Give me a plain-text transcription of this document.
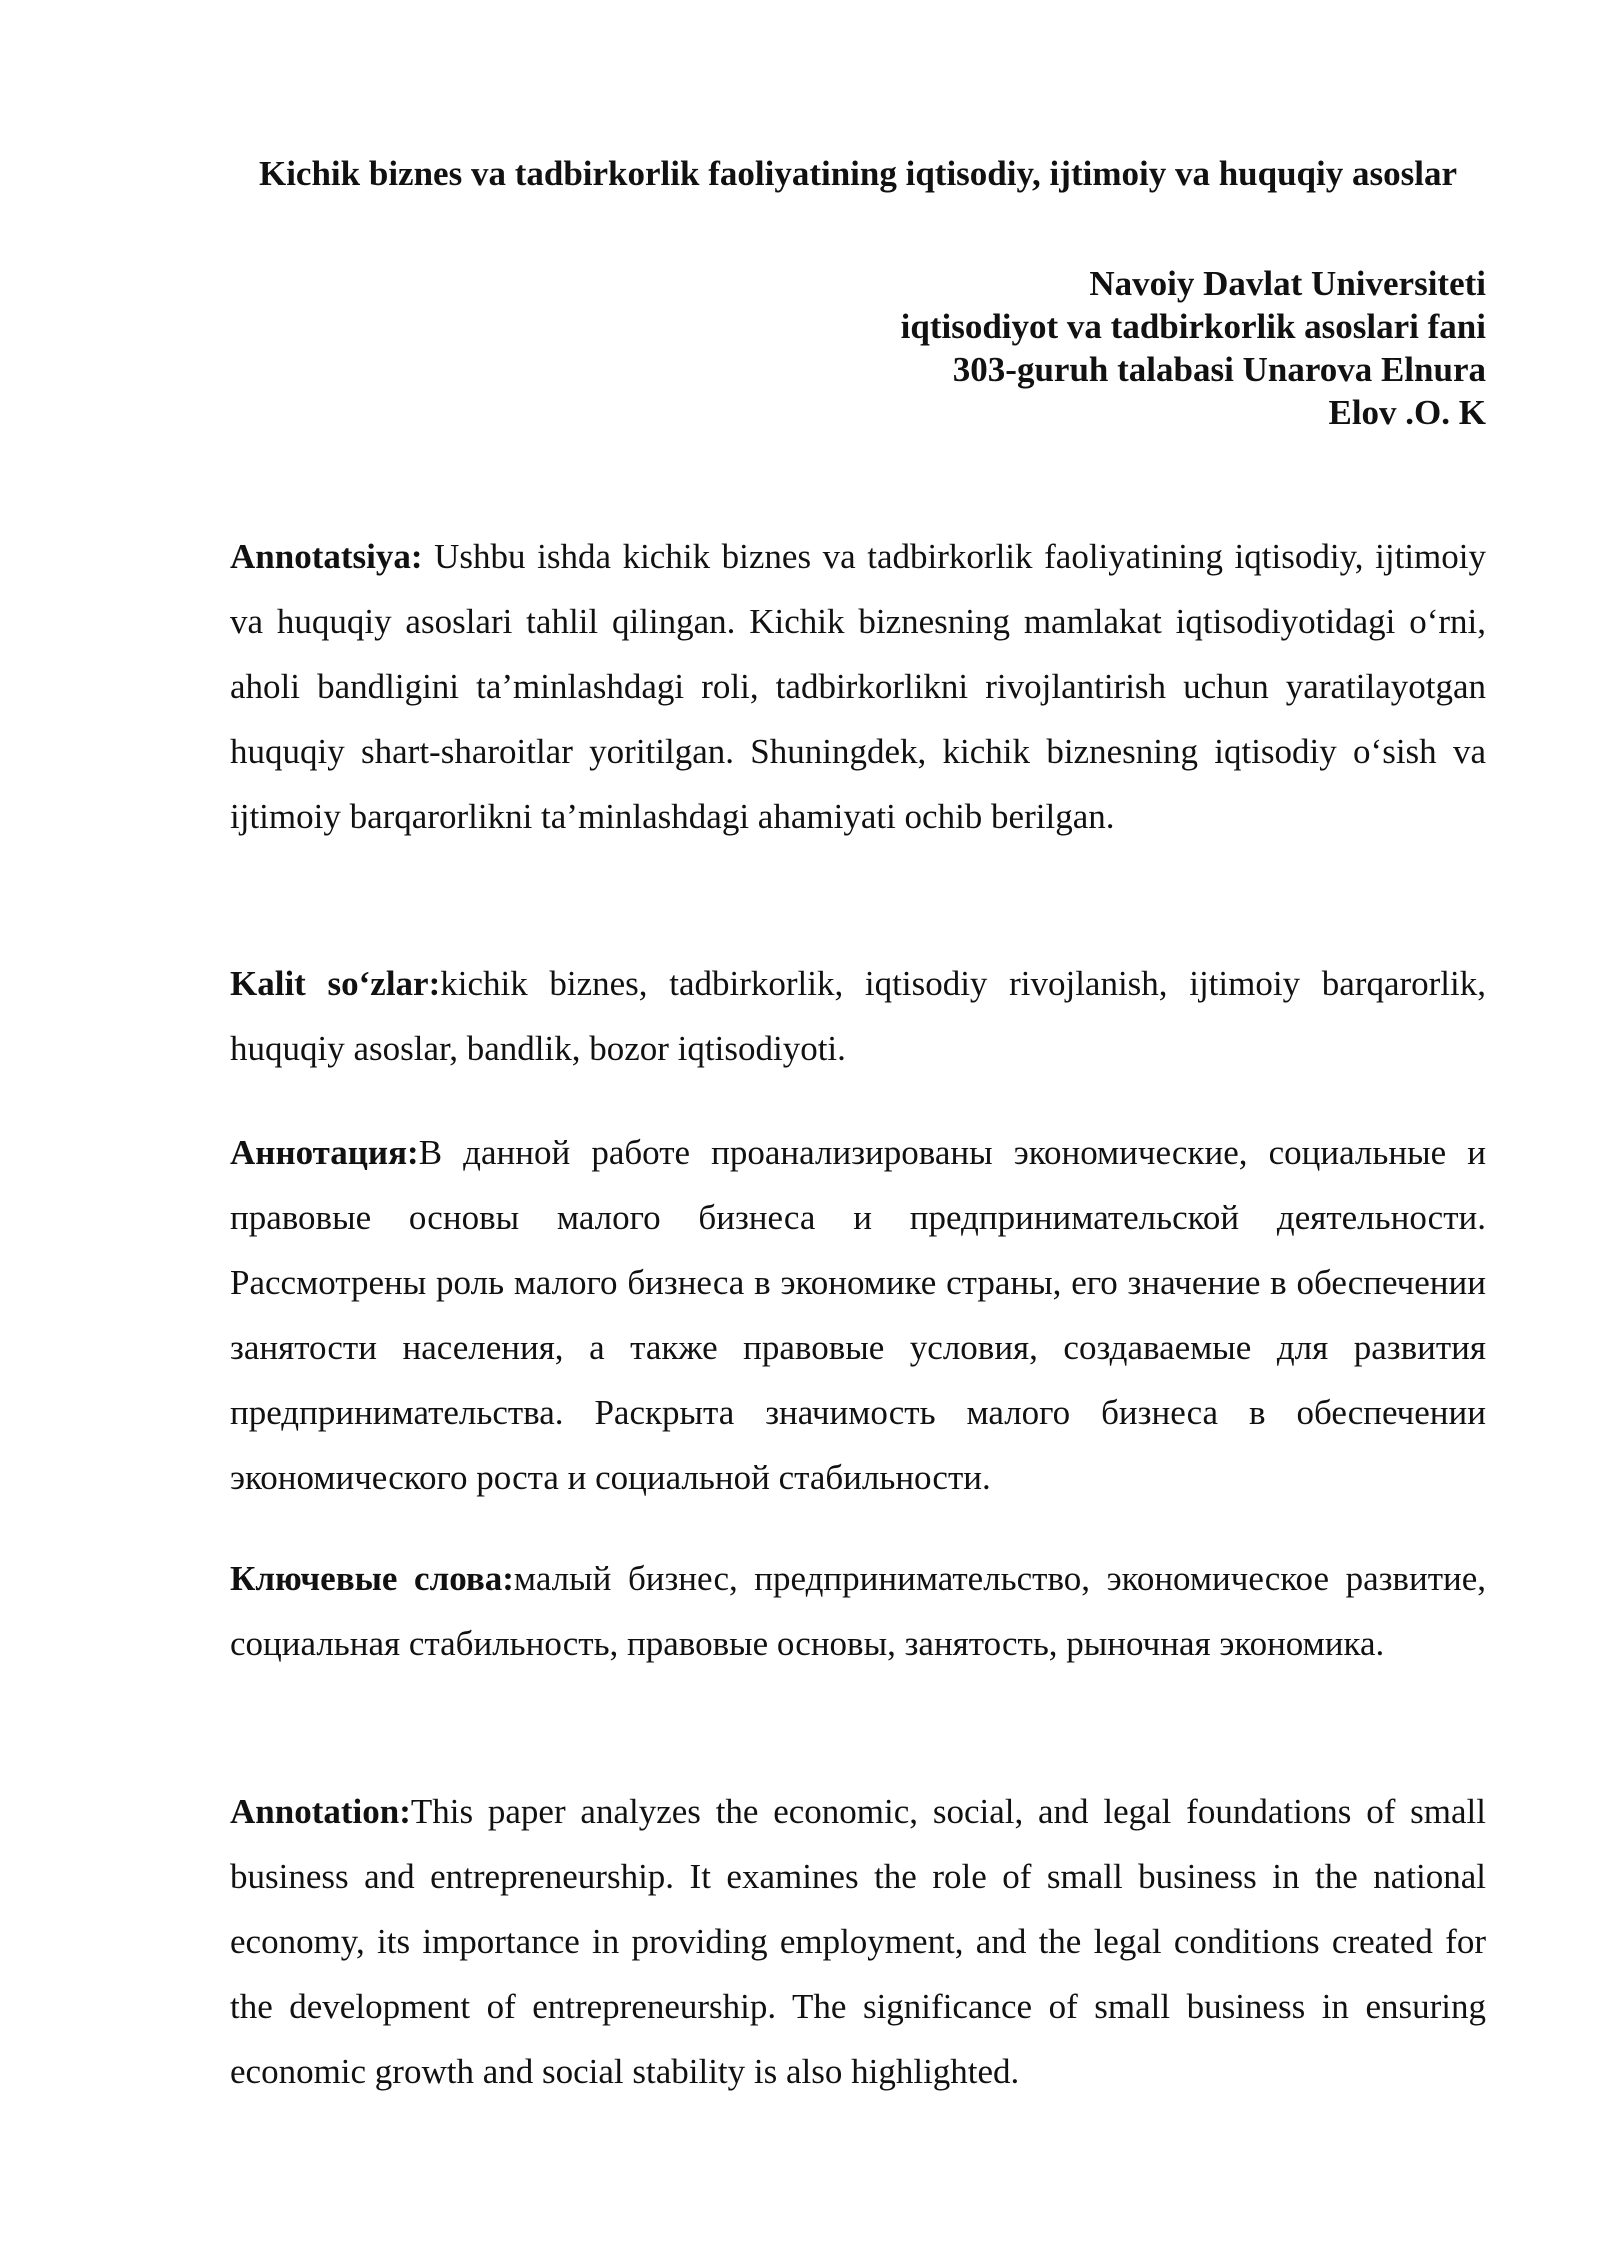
Kichik biznes va tadbirkorlik faoliyatining iqtisodiy, ijtimoiy va huquqiy asoslar
Navoiy Davlat Universiteti
iqtisodiyot va tadbirkorlik asoslari fani
303-guruh talabasi Unarova Elnura
Elov .O. K

Annotatsiya: Ushbu ishda kichik biznes va tadbirkorlik faoliyatining iqtisodiy, ijtimoiy va huquqiy asoslari tahlil qilingan. Kichik biznesning mamlakat iqtisodiyotidagi o‘rni, aholi bandligini ta’minlashdagi roli, tadbirkorlikni rivojlantirish uchun yaratilayotgan huquqiy shart-sharoitlar yoritilgan. Shuningdek, kichik biznesning iqtisodiy o‘sish va ijtimoiy barqarorlikni ta’minlashdagi ahamiyati ochib berilgan.

Kalit so‘zlar:kichik biznes, tadbirkorlik, iqtisodiy rivojlanish, ijtimoiy barqarorlik, huquqiy asoslar, bandlik, bozor iqtisodiyoti.

Аннотация:В данной работе проанализированы экономические, социальные и правовые основы малого бизнеса и предпринимательской деятельности. Рассмотрены роль малого бизнеса в экономике страны, его значение в обеспечении занятости населения, а также правовые условия, создаваемые для развития предпринимательства. Раскрыта значимость малого бизнеса в обеспечении экономического роста и социальной стабильности.

Ключевые слова:малый бизнес, предпринимательство, экономическое развитие, социальная стабильность, правовые основы, занятость, рыночная экономика.

Annotation:This paper analyzes the economic, social, and legal foundations of small business and entrepreneurship. It examines the role of small business in the national economy, its importance in providing employment, and the legal conditions created for the development of entrepreneurship. The significance of small business in ensuring economic growth and social stability is also highlighted.
